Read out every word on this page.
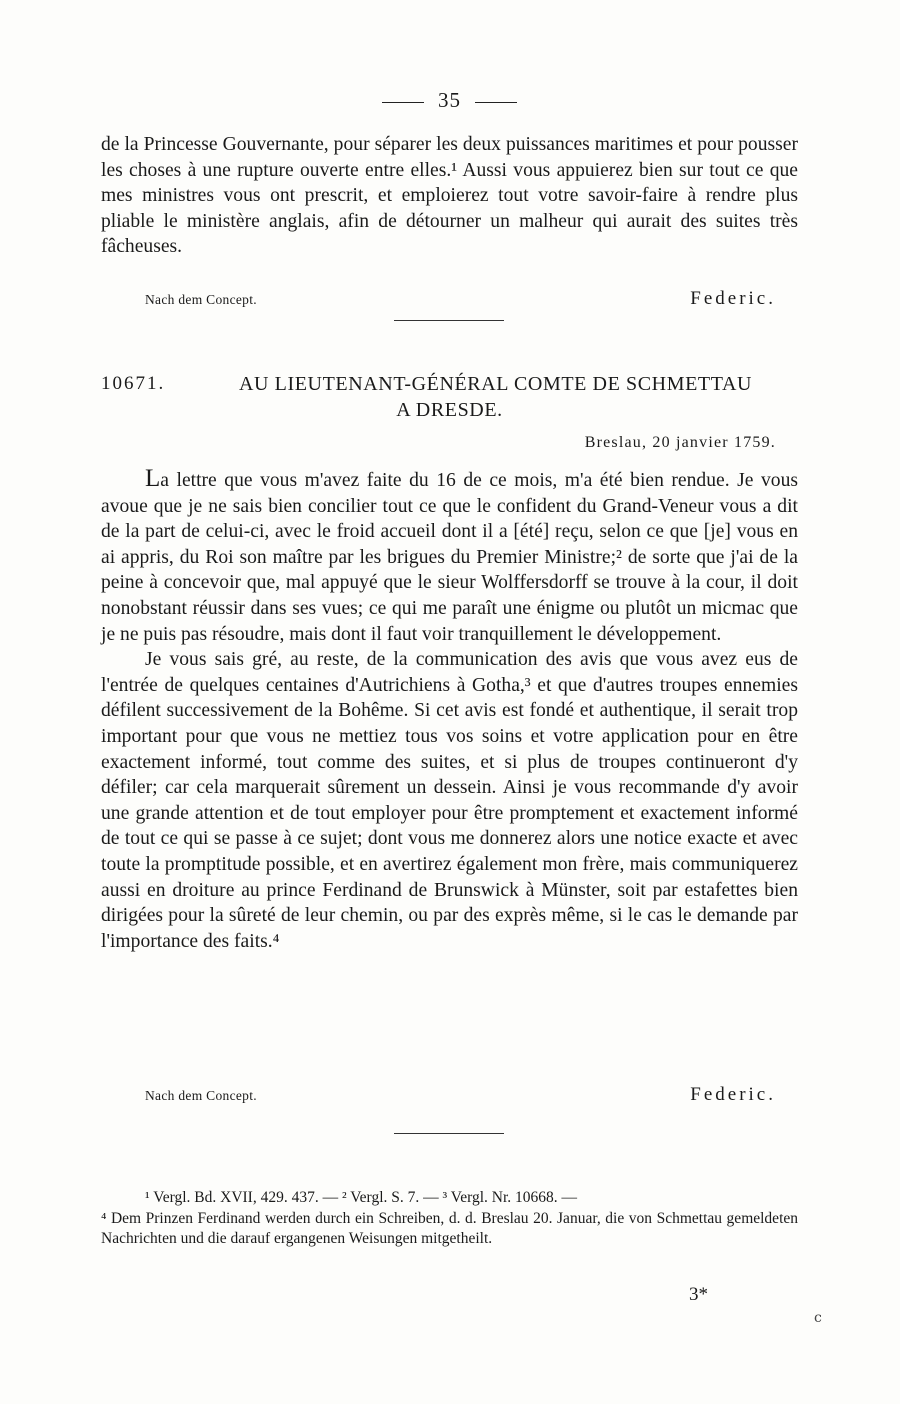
35

de la Princesse Gouvernante, pour séparer les deux puissances maritimes et pour pousser les choses à une rupture ouverte entre elles.¹ Aussi vous appuierez bien sur tout ce que mes ministres vous ont prescrit, et emploierez tout votre savoir-faire à rendre plus pliable le ministère anglais, afin de détourner un malheur qui aurait des suites très fâcheuses.

Nach dem Concept.	Federic.
10671.	AU LIEUTENANT-GÉNÉRAL COMTE DE SCHMETTAU
A DRESDE.
Breslau, 20 janvier 1759.

La lettre que vous m'avez faite du 16 de ce mois, m'a été bien rendue. Je vous avoue que je ne sais bien concilier tout ce que le confident du Grand-Veneur vous a dit de la part de celui-ci, avec le froid accueil dont il a [été] reçu, selon ce que [je] vous en ai appris, du Roi son maître par les brigues du Premier Ministre;² de sorte que j'ai de la peine à concevoir que, mal appuyé que le sieur Wolffersdorff se trouve à la cour, il doit nonobstant réussir dans ses vues; ce qui me paraît une énigme ou plutôt un micmac que je ne puis pas résoudre, mais dont il faut voir tranquillement le développement.

Je vous sais gré, au reste, de la communication des avis que vous avez eus de l'entrée de quelques centaines d'Autrichiens à Gotha,³ et que d'autres troupes ennemies défilent successivement de la Bohême. Si cet avis est fondé et authentique, il serait trop important pour que vous ne mettiez tous vos soins et votre application pour en être exactement informé, tout comme des suites, et si plus de troupes continueront d'y défiler; car cela marquerait sûrement un dessein. Ainsi je vous recommande d'y avoir une grande attention et de tout employer pour être promptement et exactement informé de tout ce qui se passe à ce sujet; dont vous me donnerez alors une notice exacte et avec toute la promptitude possible, et en avertirez également mon frère, mais communiquerez aussi en droiture au prince Ferdinand de Brunswick à Münster, soit par estafettes bien dirigées pour la sûreté de leur chemin, ou par des exprès même, si le cas le demande par l'importance des faits.⁴

Nach dem Concept.	Federic.

¹ Vergl. Bd. XVII, 429. 437. — ² Vergl. S. 7. — ³ Vergl. Nr. 10668. —

⁴ Dem Prinzen Ferdinand werden durch ein Schreiben, d. d. Breslau 20. Januar, die von Schmettau gemeldeten Nachrichten und die darauf ergangenen Weisungen mitgetheilt.

3*
ⅽ
